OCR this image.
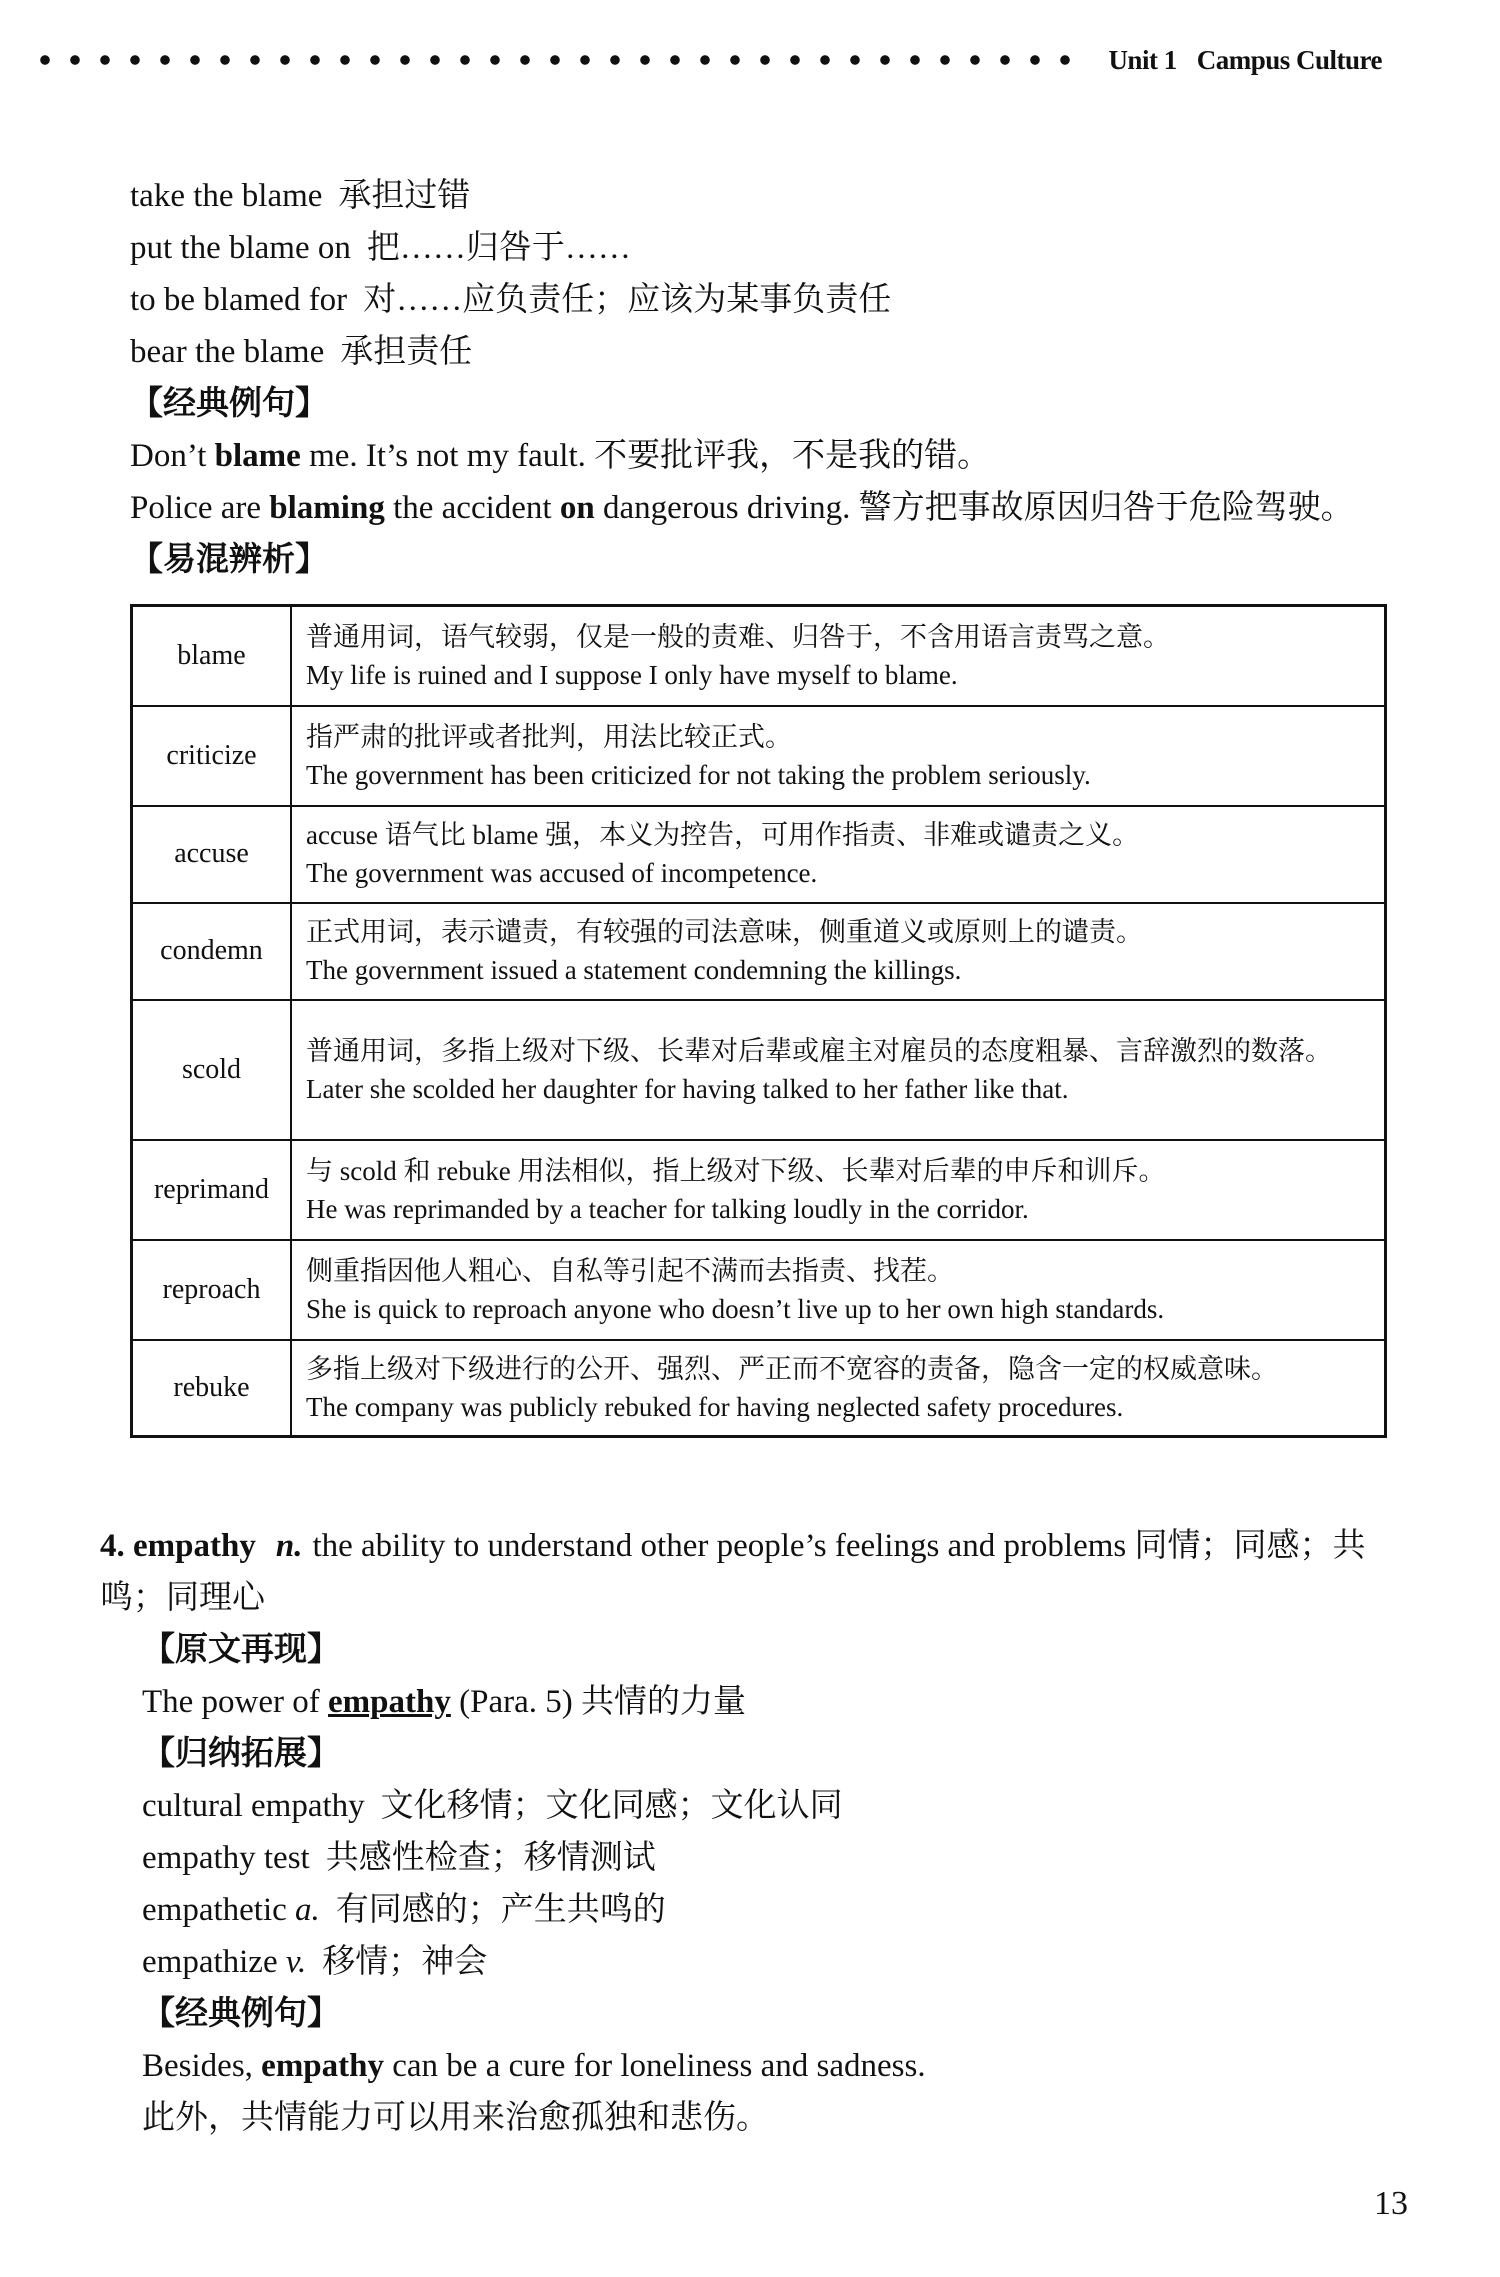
Unit 1 Campus Culture
take the blame 承担过错
put the blame on 把……归咎于……
to be blamed for 对……应负责任；应该为某事负责任
bear the blame 承担责任
【经典例句】
Don’t blame me. It’s not my fault. 不要批评我，不是我的错。
Police are blaming the accident on dangerous driving. 警方把事故原因归咎于危险驾驶。
【易混辨析】
blame	普通用词，语气较弱，仅是一般的责难、归咎于，不含用语言责骂之意。
My life is ruined and I suppose I only have myself to blame.

criticize	指严肃的批评或者批判，用法比较正式。
The government has been criticized for not taking the problem seriously.

accuse	accuse 语气比 blame 强，本义为控告，可用作指责、非难或谴责之义。
The government was accused of incompetence.

condemn	正式用词，表示谴责，有较强的司法意味，侧重道义或原则上的谴责。
The government issued a statement condemning the killings.

scold	普通用词，多指上级对下级、长辈对后辈或雇主对雇员的态度粗暴、言辞激烈的数落。
Later she scolded her daughter for having talked to her father like that.

reprimand	与 scold 和 rebuke 用法相似，指上级对下级、长辈对后辈的申斥和训斥。
He was reprimanded by a teacher for talking loudly in the corridor.

reproach	侧重指因他人粗心、自私等引起不满而去指责、找茬。
She is quick to reproach anyone who doesn’t live up to her own high standards.

rebuke	多指上级对下级进行的公开、强烈、严正而不宽容的责备，隐含一定的权威意味。
The company was publicly rebuked for having neglected safety procedures.
4. empathy n. the ability to understand other people’s feelings and problems 同情；同感；共鸣；同理心
【原文再现】
The power of empathy (Para. 5) 共情的力量
【归纳拓展】
cultural empathy 文化移情；文化同感；文化认同
empathy test 共感性检查；移情测试
empathetic a. 有同感的；产生共鸣的
empathize v. 移情；神会
【经典例句】
Besides, empathy can be a cure for loneliness and sadness.
此外，共情能力可以用来治愈孤独和悲伤。
13
